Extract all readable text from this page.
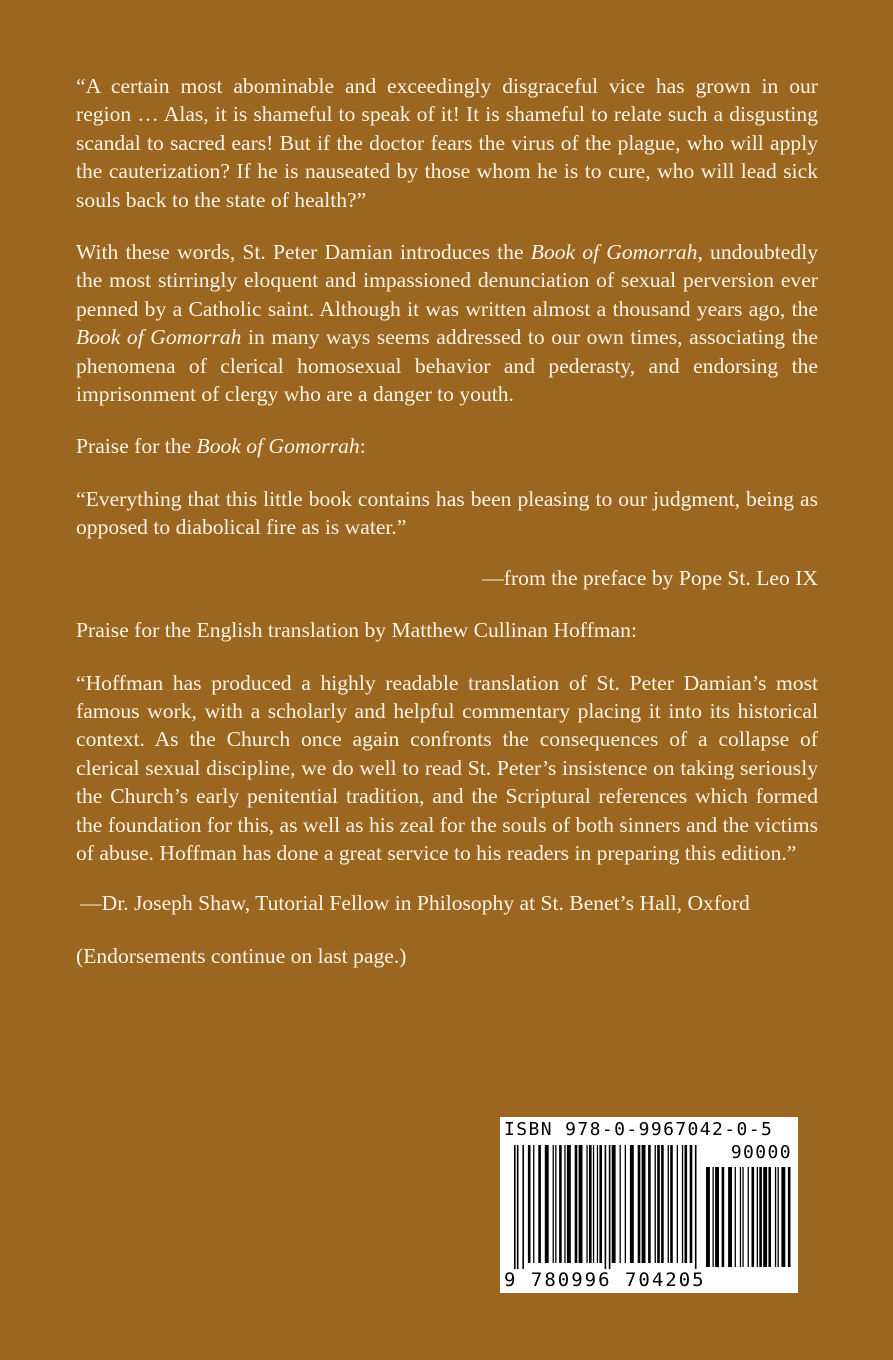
“A certain most abominable and exceedingly disgraceful vice has grown in our region … Alas, it is shameful to speak of it! It is shameful to relate such a disgusting scandal to sacred ears! But if the doctor fears the virus of the plague, who will apply the cauterization? If he is nauseated by those whom he is to cure, who will lead sick souls back to the state of health?”

With these words, St. Peter Damian introduces the Book of Gomorrah, undoubtedly the most stirringly eloquent and impassioned denunciation of sexual perversion ever penned by a Catholic saint. Although it was written almost a thousand years ago, the Book of Gomorrah in many ways seems addressed to our own times, associating the phenomena of clerical homosexual behavior and pederasty, and endorsing the imprisonment of clergy who are a danger to youth.

Praise for the Book of Gomorrah:

“Everything that this little book contains has been pleasing to our judgment, being as opposed to diabolical fire as is water.”

—from the preface by Pope St. Leo IX

Praise for the English translation by Matthew Cullinan Hoffman:

“Hoffman has produced a highly readable translation of St. Peter Damian’s most famous work, with a scholarly and helpful commentary placing it into its historical context. As the Church once again confronts the consequences of a collapse of clerical sexual discipline, we do well to read St. Peter’s insistence on taking seriously the Church’s early penitential tradition, and the Scriptural references which formed the foundation for this, as well as his zeal for the souls of both sinners and the victims of abuse. Hoffman has done a great service to his readers in preparing this edition.”

—Dr. Joseph Shaw, Tutorial Fellow in Philosophy at St. Benet’s Hall, Oxford

(Endorsements continue on last page.)

ISBN 978-0-9967042-0-5
90000
9 780996 704205
